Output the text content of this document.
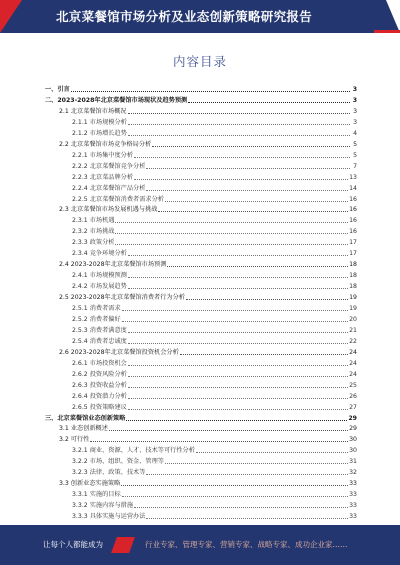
北京菜餐馆市场分析及业态创新策略研究报告
内容目录
一、引言	3
二、2023-2028年北京菜餐馆市场现状及趋势预测	3
2.1 北京菜餐馆市场概况	3
2.1.1 市场规模分析	3
2.1.2 市场增长趋势	4
2.2 北京菜餐馆市场竞争格局分析	5
2.2.1 市场集中度分析	5
2.2.2 北京菜餐馆竞争分析	7
2.2.3 北京菜品牌分析	13
2.2.4 北京菜餐馆产品分析	14
2.2.5 北京菜餐馆消费者需求分析	16
2.3 北京菜餐馆市场发展机遇与挑战	16
2.3.1 市场机遇	16
2.3.2 市场挑战	16
2.3.3 政策分析	17
2.3.4 竞争环境分析	17
2.4 2023-2028年北京菜餐馆市场预测	18
2.4.1 市场规模预测	18
2.4.2 市场发展趋势	18
2.5 2023-2028年北京菜餐馆消费者行为分析	19
2.5.1 消费者需求	19
2.5.2 消费者偏好	20
2.5.3 消费者满意度	21
2.5.4 消费者忠诚度	22
2.6 2023-2028年北京菜餐馆投资机会分析	24
2.6.1 市场投资机会	24
2.6.2 投资风险分析	24
2.6.3 投资收益分析	25
2.6.4 投资潜力分析	26
2.6.5 投资策略建议	27
三、北京菜餐馆业态创新策略	29
3.1 业态创新概述	29
3.2 可行性	30
3.2.1 商业、资源、人才、技术等可行性分析	30
3.2.2 市场、组织、资金、管理等	31
3.2.3 法律、政策、技术等	32
3.3 创新业态实施策略	33
3.3.1 实施的目标	33
3.3.2 实施内容与措施	33
3.3.3 具体实施与运营办法	33
让每个人都能成为	行业专家、管理专家、营销专家、战略专家、成功企业家……
